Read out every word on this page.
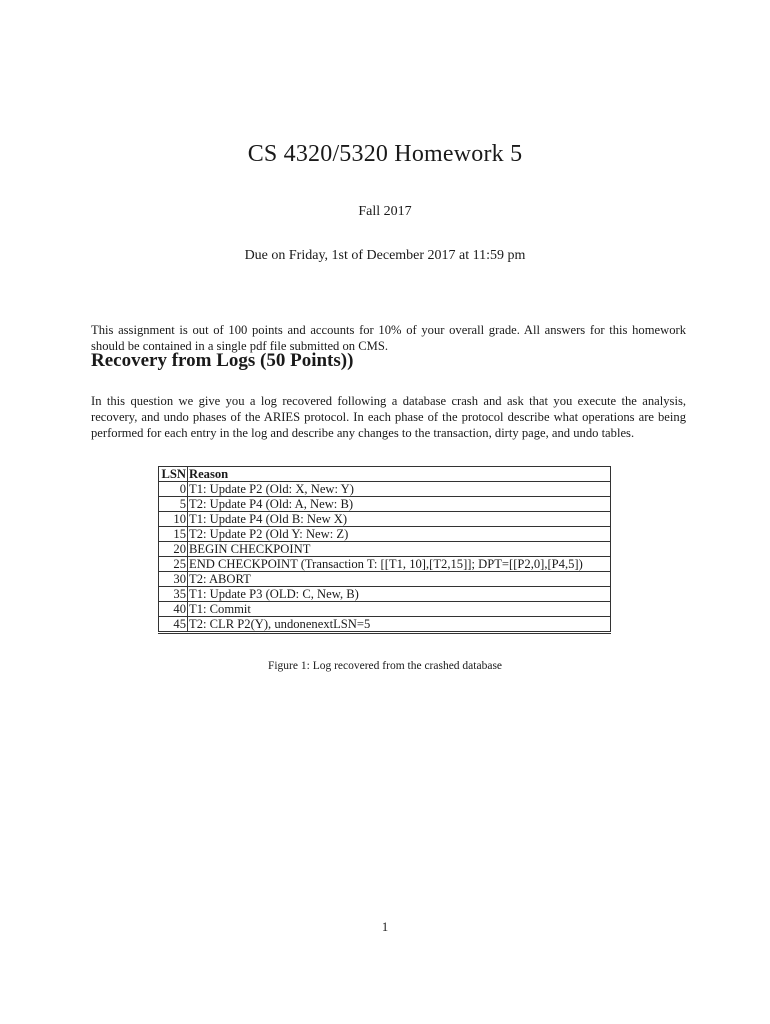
CS 4320/5320 Homework 5
Fall 2017
Due on Friday, 1st of December 2017 at 11:59 pm

This assignment is out of 100 points and accounts for 10% of your overall grade. All answers for this homework should be contained in a single pdf file submitted on CMS.

Recovery from Logs (50 Points))

In this question we give you a log recovered following a database crash and ask that you execute the analysis, recovery, and undo phases of the ARIES protocol. In each phase of the protocol describe what operations are being performed for each entry in the log and describe any changes to the transaction, dirty page, and undo tables.

LSN	Reason
0	T1: Update P2 (Old: X, New: Y)
5	T2: Update P4 (Old: A, New: B)
10	T1: Update P4 (Old B: New X)
15	T2: Update P2 (Old Y: New: Z)
20	BEGIN CHECKPOINT
25	END CHECKPOINT (Transaction T: [[T1, 10],[T2,15]]; DPT=[[P2,0],[P4,5])
30	T2: ABORT
35	T1: Update P3 (OLD: C, New, B)
40	T1: Commit
45	T2: CLR P2(Y), undonenextLSN=5
Figure 1: Log recovered from the crashed database
1
